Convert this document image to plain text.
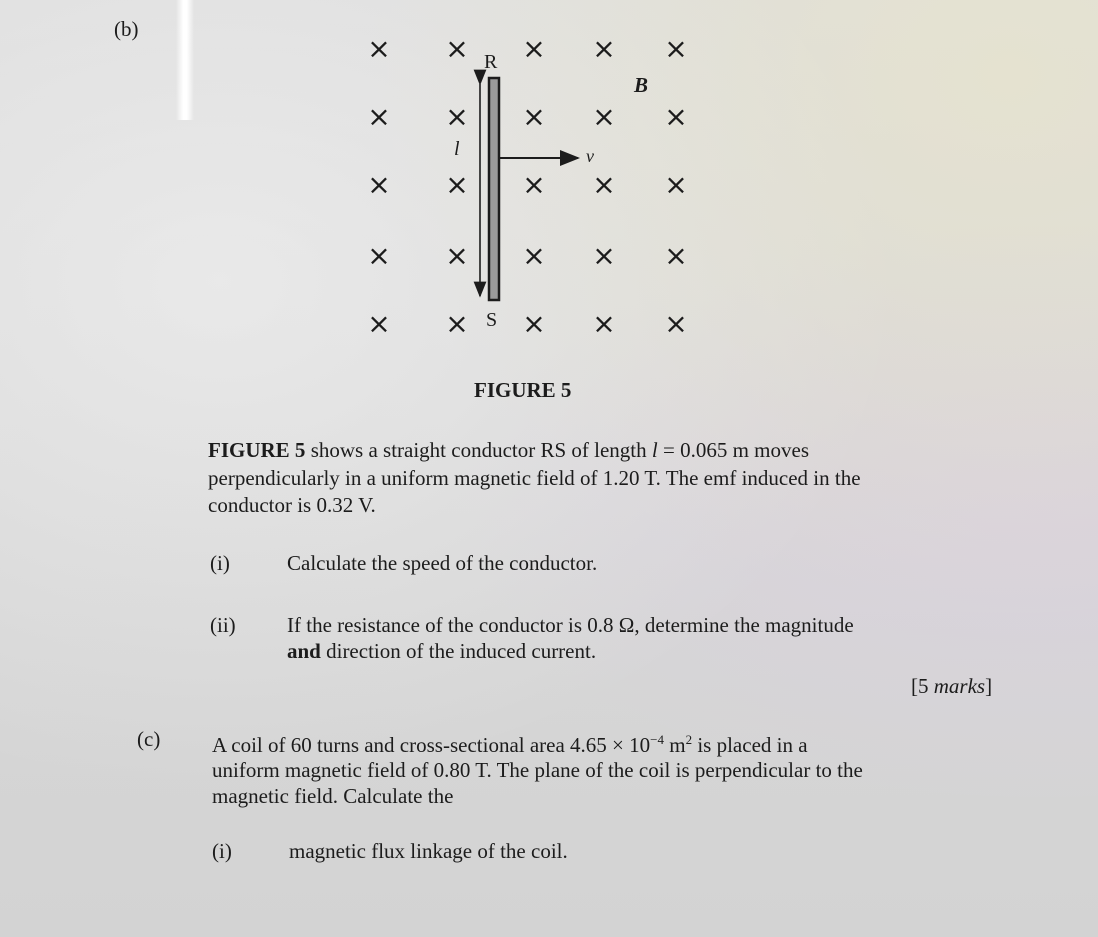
(b)
× × × × ×
× × × × ×
× × × × ×
× × × × ×
× × × × ×
R
S
B
l	v
FIGURE 5
FIGURE 5 shows a straight conductor RS of length l = 0.065 m moves
perpendicularly in a uniform magnetic field of 1.20 T. The emf induced in the
conductor is 0.32 V.
(i)	Calculate the speed of the conductor.
(ii)	If the resistance of the conductor is 0.8 Ω, determine the magnitude
and direction of the induced current.
[5 marks]
(c) A coil of 60 turns and cross-sectional area $4.65 \times 10^{-4}$ $m^2$ is placed in a
uniform magnetic field of 0.80 T. The plane of the coil is perpendicular to the
magnetic field. Calculate the
(i)	magnetic flux linkage of the coil.
